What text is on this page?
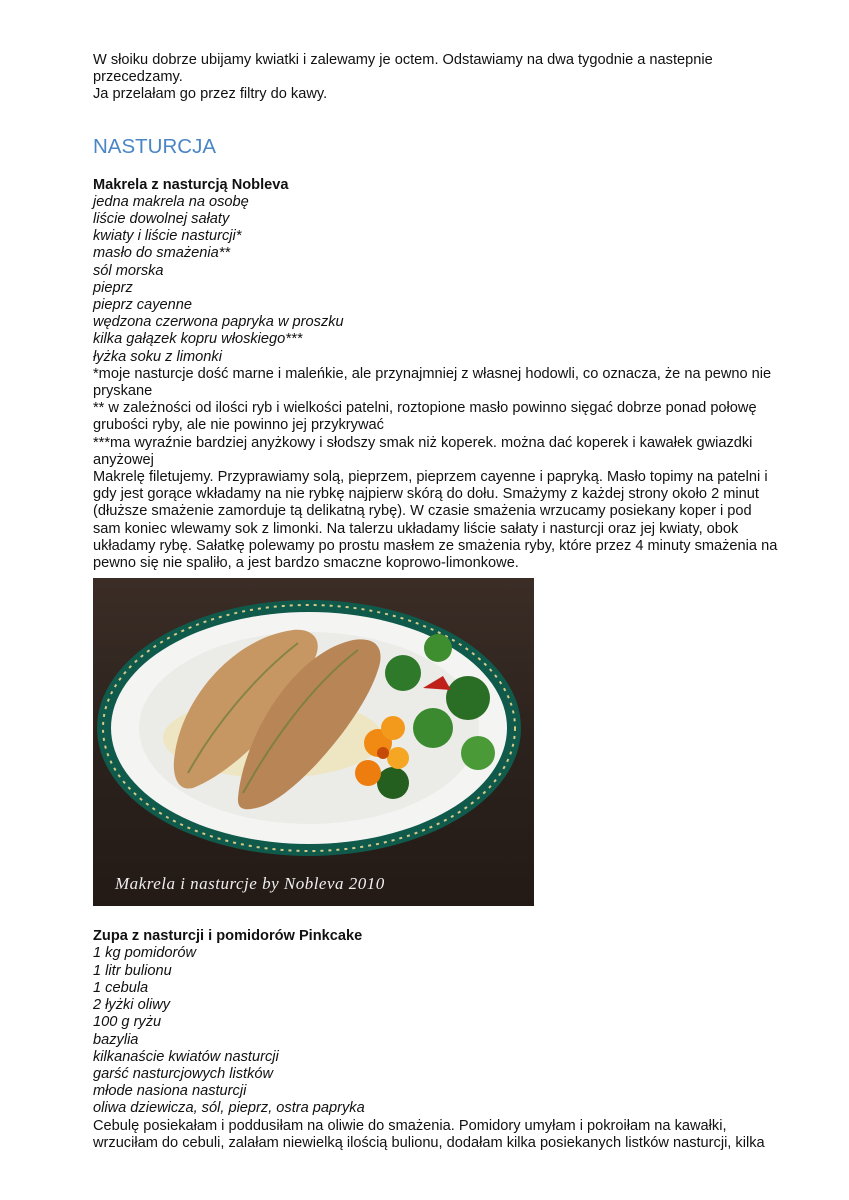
W słoiku dobrze ubijamy kwiatki i zalewamy je octem. Odstawiamy na dwa tygodnie a nastepnie

przecedzamy.

Ja przelałam go przez filtry do kawy.

NASTURCJA

Makrela z nasturcją Nobleva

jedna makrela na osobę

liście dowolnej sałaty

kwiaty i liście nasturcji*

masło do smażenia**

sól morska

pieprz

pieprz cayenne

wędzona czerwona papryka w proszku

kilka gałązek kopru włoskiego***

łyżka soku z limonki

*moje nasturcje dość marne i maleńkie, ale przynajmniej z własnej hodowli, co oznacza, że na pewno nie

pryskane

** w zależności od ilości ryb i wielkości patelni, roztopione masło powinno sięgać dobrze ponad połowę

grubości ryby, ale nie powinno jej przykrywać

***ma wyraźnie bardziej anyżkowy i słodszy smak niż koperek. można dać koperek i kawałek gwiazdki

anyżowej

Makrelę filetujemy. Przyprawiamy solą, pieprzem, pieprzem cayenne i papryką. Masło topimy na patelni i

gdy jest gorące wkładamy na nie rybkę najpierw skórą do dołu. Smażymy z każdej strony około 2 minut

(dłuższe smażenie zamorduje tą delikatną rybę). W czasie smażenia wrzucamy posiekany koper i pod

sam koniec wlewamy sok z limonki. Na talerzu układamy liście sałaty i nasturcji oraz jej kwiaty, obok

układamy rybę. Sałatkę polewamy po prostu masłem ze smażenia ryby, które przez 4 minuty smażenia na

pewno się nie spaliło, a jest bardzo smaczne koprowo-limonkowe.

Makrela i nasturcje by Nobleva 2010

Zupa z nasturcji i pomidorów Pinkcake

1 kg pomidorów

1 litr bulionu

1 cebula

2 łyżki oliwy

100 g ryżu

bazylia

kilkanaście kwiatów nasturcji

garść nasturcjowych listków

młode nasiona nasturcji

oliwa dziewicza, sól, pieprz, ostra papryka

Cebulę posiekałam i poddusiłam na oliwie do smażenia. Pomidory umyłam i pokroiłam na kawałki,

wrzuciłam do cebuli, zalałam niewielką ilością bulionu, dodałam kilka posiekanych listków nasturcji, kilka
